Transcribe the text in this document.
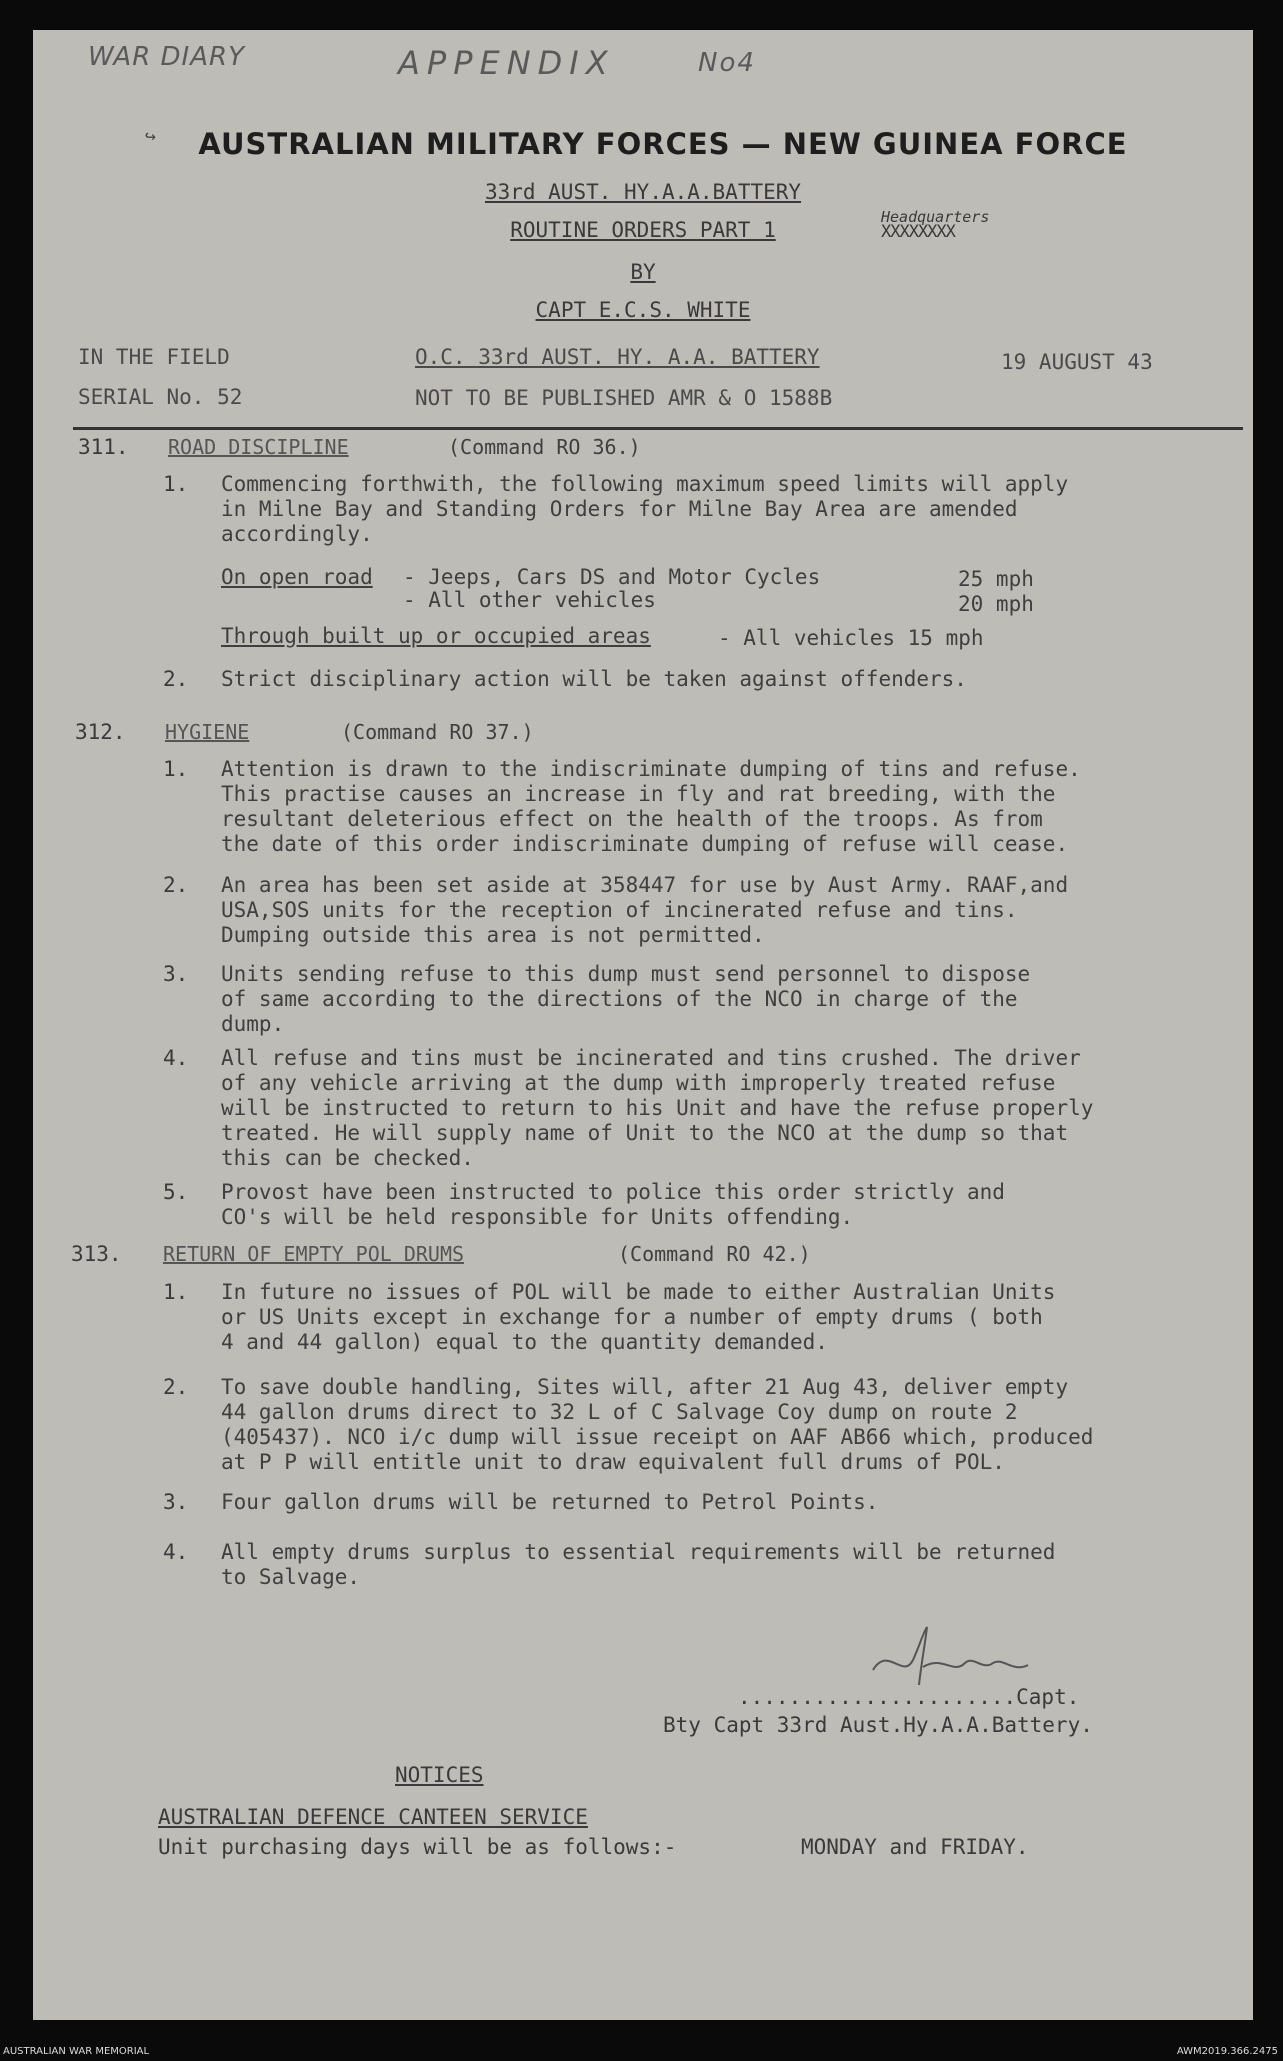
WAR DIARY	APPENDIX	No4
↪	AUSTRALIAN MILITARY FORCES — NEW GUINEA FORCE
33rd AUST. HY.A.A.BATTERY
ROUTINE ORDERS PART 1
Headquarters
XXXXXXXX
BY
CAPT E.C.S. WHITE
IN THE FIELD	O.C. 33rd AUST. HY. A.A. BATTERY	19 AUGUST 43
SERIAL No. 52	NOT TO BE PUBLISHED AMR & O 1588B
311. ROAD DISCIPLINE	(Command RO 36.)
1. Commencing forthwith, the following maximum speed limits will apply
in Milne Bay and Standing Orders for Milne Bay Area are amended
accordingly.
On open road - Jeeps, Cars DS and Motor Cycles	25 mph
- All other vehicles	20 mph
Through built up or occupied areas	- All vehicles 15 mph
2. Strict disciplinary action will be taken against offenders.
312. HYGIENE	(Command RO 37.)
1. Attention is drawn to the indiscriminate dumping of tins and refuse.
This practise causes an increase in fly and rat breeding, with the
resultant deleterious effect on the health of the troops. As from
the date of this order indiscriminate dumping of refuse will cease.
2. An area has been set aside at 358447 for use by Aust Army. RAAF,and
USA,SOS units for the reception of incinerated refuse and tins.
Dumping outside this area is not permitted.
3. Units sending refuse to this dump must send personnel to dispose
of same according to the directions of the NCO in charge of the
dump.
4. All refuse and tins must be incinerated and tins crushed. The driver
of any vehicle arriving at the dump with improperly treated refuse
will be instructed to return to his Unit and have the refuse properly
treated. He will supply name of Unit to the NCO at the dump so that
this can be checked.
5. Provost have been instructed to police this order strictly and
CO's will be held responsible for Units offending.
313. RETURN OF EMPTY POL DRUMS	(Command RO 42.)
1. In future no issues of POL will be made to either Australian Units
or US Units except in exchange for a number of empty drums ( both
4 and 44 gallon) equal to the quantity demanded.
2. To save double handling, Sites will, after 21 Aug 43, deliver empty
44 gallon drums direct to 32 L of C Salvage Coy dump on route 2
(405437). NCO i/c dump will issue receipt on AAF AB66 which, produced
at P P will entitle unit to draw equivalent full drums of POL.
3. Four gallon drums will be returned to Petrol Points.
4. All empty drums surplus to essential requirements will be returned
to Salvage.
......................Capt.
Bty Capt 33rd Aust.Hy.A.A.Battery.
NOTICES
AUSTRALIAN DEFENCE CANTEEN SERVICE
Unit purchasing days will be as follows:-	MONDAY and FRIDAY.
AUSTRALIAN WAR MEMORIAL	AWM2019.366.2475
